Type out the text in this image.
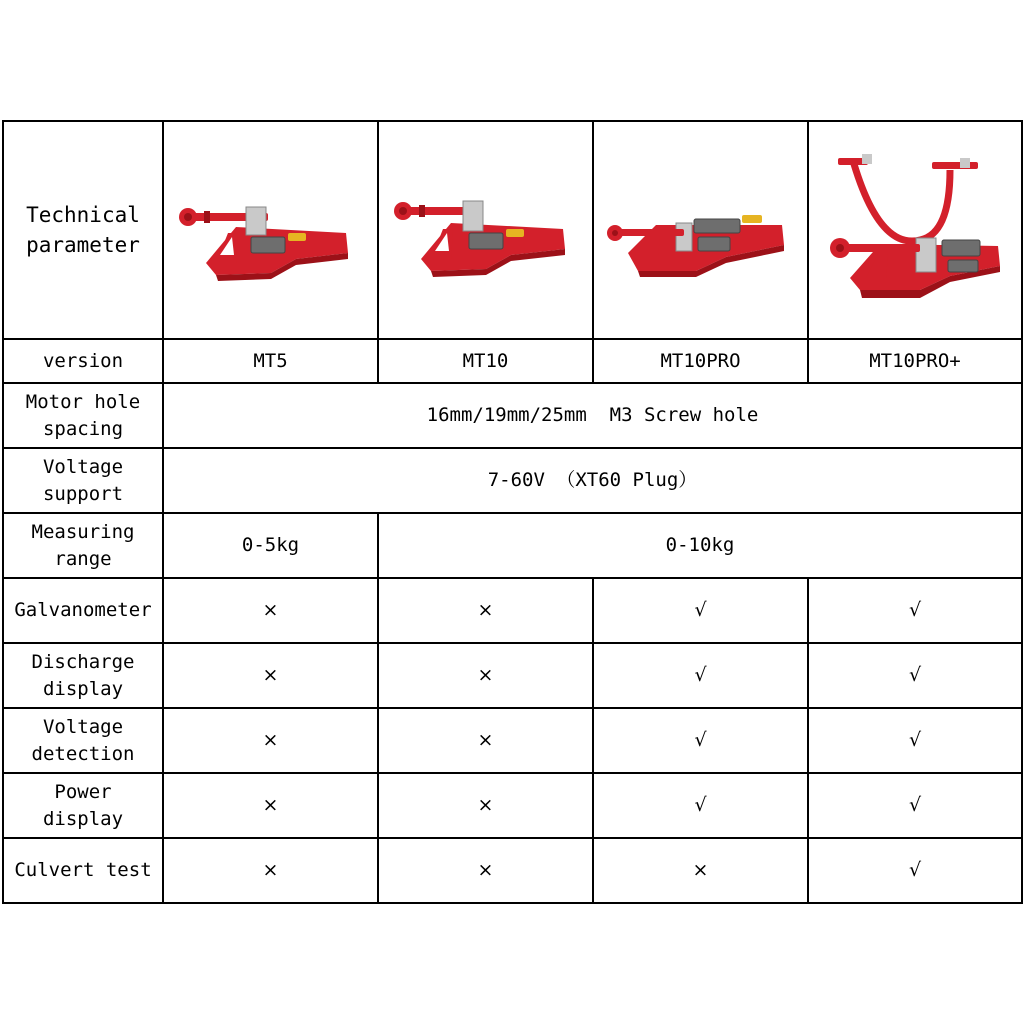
Technical
parameter

version	MT5	MT10	MT10PRO	MT10PRO+

Motor hole
spacing	16mm/19mm/25mm  M3 Screw hole			

Voltage
support	7-60V （XT60 Plug）			

Measuring
range	0-5kg	0-10kg		

Galvanometer	×	×	√	√

Discharge
display	×	×	√	√

Voltage
detection	×	×	√	√

Power
display	×	×	√	√

Culvert test	×	×	×	√
